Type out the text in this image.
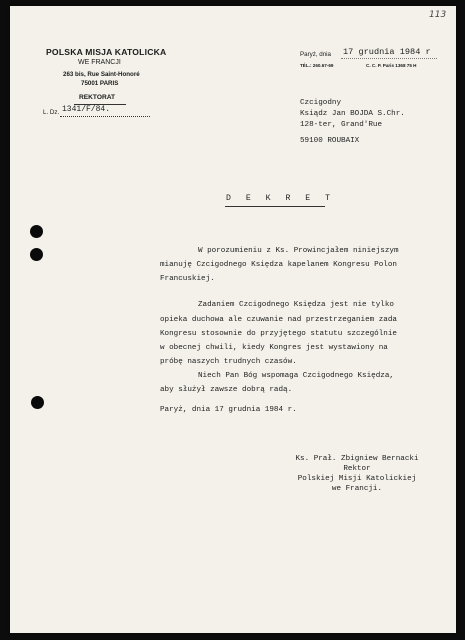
113
POLSKA MISJA KATOLICKA
WE FRANCJI
263 bis, Rue Saint-Honoré
75001 PARIS
REKTORAT
L. Dz. 1341/F/84.
Paryż, dnia 17 grudnia 1984 r
TÉL.: 260.67-69	C. C. P. Paris 1368 75 H
Czcigodny
Ksiądz Jan BOJDA S.Chr.
128-ter, Grand'Rue
59100 ROUBAIX
D E K R E T
W porozumieniu z Ks. Prowincjałem niniejszym
mianuję Czcigodnego Księdza kapelanem Kongresu Polon
Francuskiej.
Zadaniem Czcigodnego Księdza jest nie tylko
opieka duchowa ale czuwanie nad przestrzeganiem zada
Kongresu stosownie do przyjętego statutu szczególnie
w obecnej chwili, kiedy Kongres jest wystawiony na
próbę naszych trudnych czasów.
Niech Pan Bóg wspomaga Czcigodnego Księdza,
aby służył zawsze dobrą radą.
Paryż, dnia 17 grudnia 1984 r.
Ks. Prał. Zbigniew Bernacki
Rektor
Polskiej Misji Katolickiej
we Francji.
